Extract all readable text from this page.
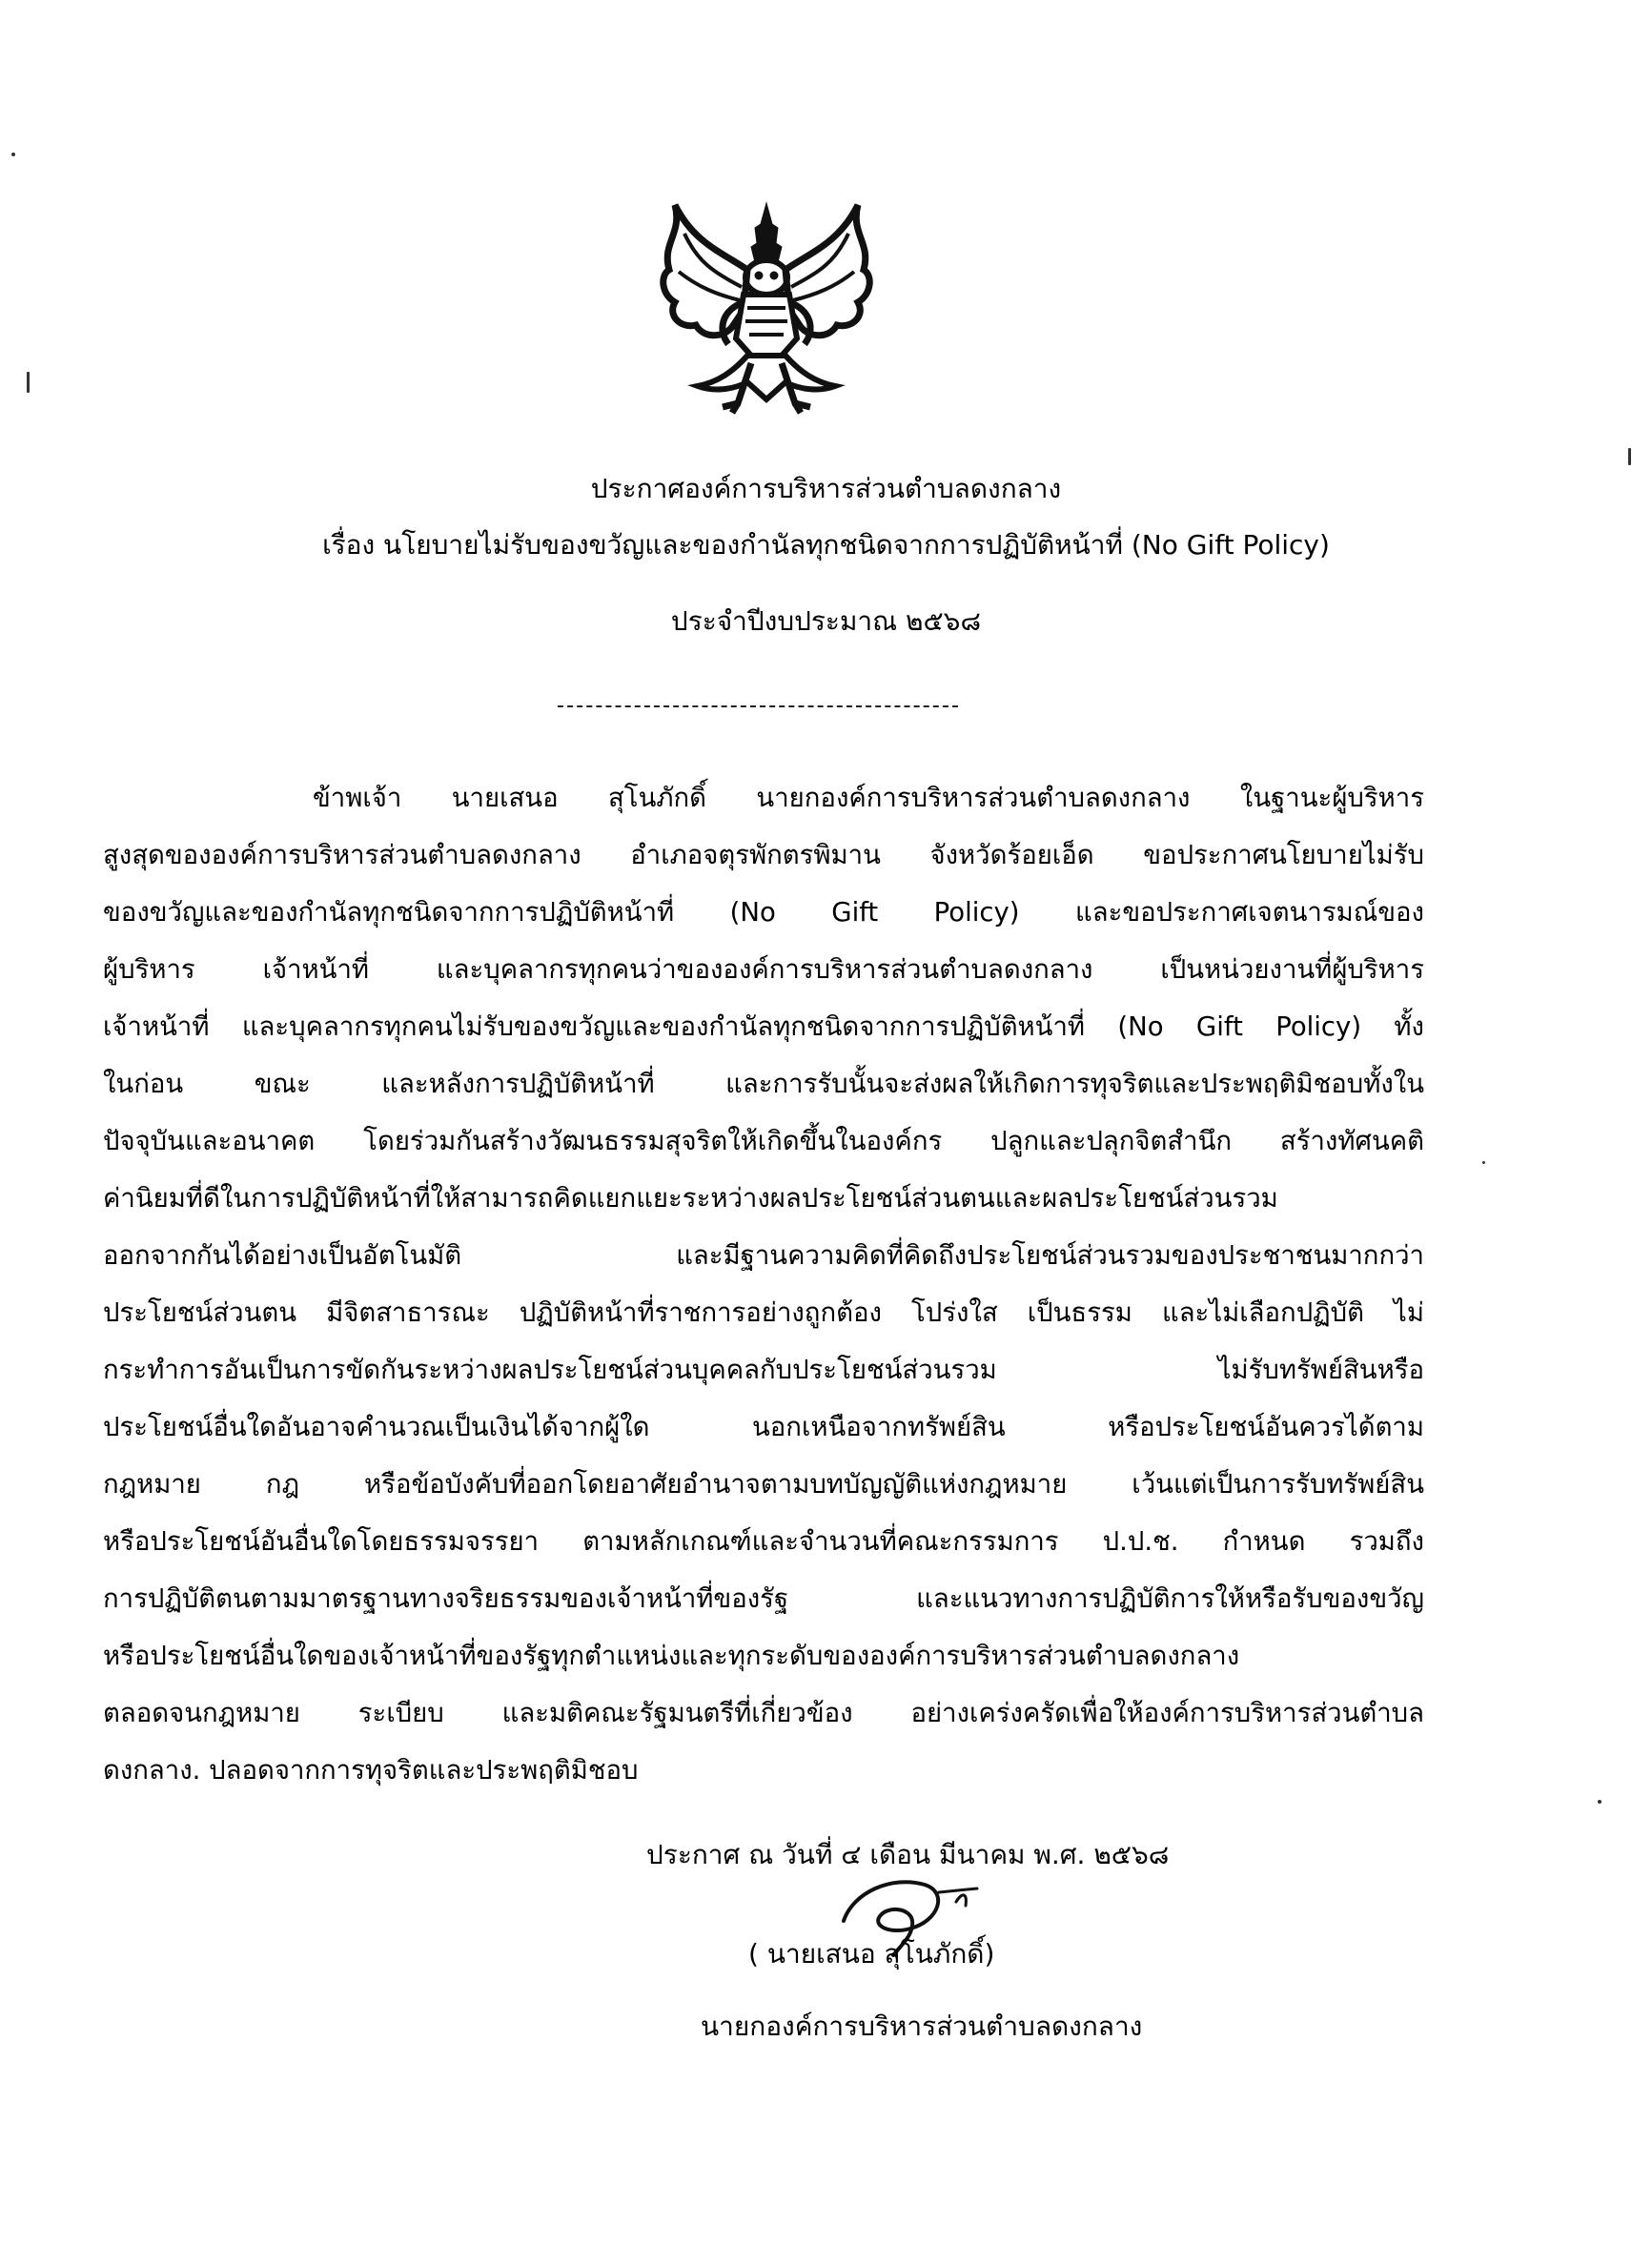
ประกาศองค์การบริหารส่วนตำบลดงกลาง
เรื่อง นโยบายไม่รับของขวัญและของกำนัลทุกชนิดจากการปฏิบัติหน้าที่ (No Gift Policy)
ประจำปีงบประมาณ ๒๕๖๘
ข้าพเจ้า นายเสนอ สุโนภักดิ์ นายกองค์การบริหารส่วนตำบลดงกลาง ในฐานะผู้บริหาร
สูงสุดขององค์การบริหารส่วนตำบลดงกลาง อำเภอจตุรพักตรพิมาน จังหวัดร้อยเอ็ด ขอประกาศนโยบายไม่รับ
ของขวัญและของกำนัลทุกชนิดจากการปฏิบัติหน้าที่ (No Gift Policy) และขอประกาศเจตนารมณ์ของ
ผู้บริหาร เจ้าหน้าที่ และบุคลากรทุกคนว่าขององค์การบริหารส่วนตำบลดงกลาง เป็นหน่วยงานที่ผู้บริหาร
เจ้าหน้าที่ และบุคลากรทุกคนไม่รับของขวัญและของกำนัลทุกชนิดจากการปฏิบัติหน้าที่ (No Gift Policy) ทั้ง
ในก่อน ขณะ และหลังการปฏิบัติหน้าที่ และการรับนั้นจะส่งผลให้เกิดการทุจริตและประพฤติมิชอบทั้งใน
ปัจจุบันและอนาคต โดยร่วมกันสร้างวัฒนธรรมสุจริตให้เกิดขึ้นในองค์กร ปลูกและปลุกจิตสำนึก สร้างทัศนคติ
ค่านิยมที่ดีในการปฏิบัติหน้าที่ให้สามารถคิดแยกแยะระหว่างผลประโยชน์ส่วนตนและผลประโยชน์ส่วนรวม
ออกจากกันได้อย่างเป็นอัตโนมัติ และมีฐานความคิดที่คิดถึงประโยชน์ส่วนรวมของประชาชนมากกว่า
ประโยชน์ส่วนตน มีจิตสาธารณะ ปฏิบัติหน้าที่ราชการอย่างถูกต้อง โปร่งใส เป็นธรรม และไม่เลือกปฏิบัติ ไม่
กระทำการอันเป็นการขัดกันระหว่างผลประโยชน์ส่วนบุคคลกับประโยชน์ส่วนรวม ไม่รับทรัพย์สินหรือ
ประโยชน์อื่นใดอันอาจคำนวณเป็นเงินได้จากผู้ใด นอกเหนือจากทรัพย์สิน หรือประโยชน์อันควรได้ตาม
กฎหมาย กฎ หรือข้อบังคับที่ออกโดยอาศัยอำนาจตามบทบัญญัติแห่งกฎหมาย เว้นแต่เป็นการรับทรัพย์สิน
หรือประโยชน์อันอื่นใดโดยธรรมจรรยา ตามหลักเกณฑ์และจำนวนที่คณะกรรมการ ป.ป.ช. กำหนด รวมถึง
การปฏิบัติตนตามมาตรฐานทางจริยธรรมของเจ้าหน้าที่ของรัฐ และแนวทางการปฏิบัติการให้หรือรับของขวัญ
หรือประโยชน์อื่นใดของเจ้าหน้าที่ของรัฐทุกตำแหน่งและทุกระดับขององค์การบริหารส่วนตำบลดงกลาง
ตลอดจนกฎหมาย ระเบียบ และมติคณะรัฐมนตรีที่เกี่ยวข้อง อย่างเคร่งครัดเพื่อให้องค์การบริหารส่วนตำบล
ดงกลาง. ปลอดจากการทุจริตและประพฤติมิชอบ
ประกาศ ณ วันที่ ๔ เดือน มีนาคม พ.ศ. ๒๕๖๘
( นายเสนอ สุโนภักดิ์)
นายกองค์การบริหารส่วนตำบลดงกลาง
